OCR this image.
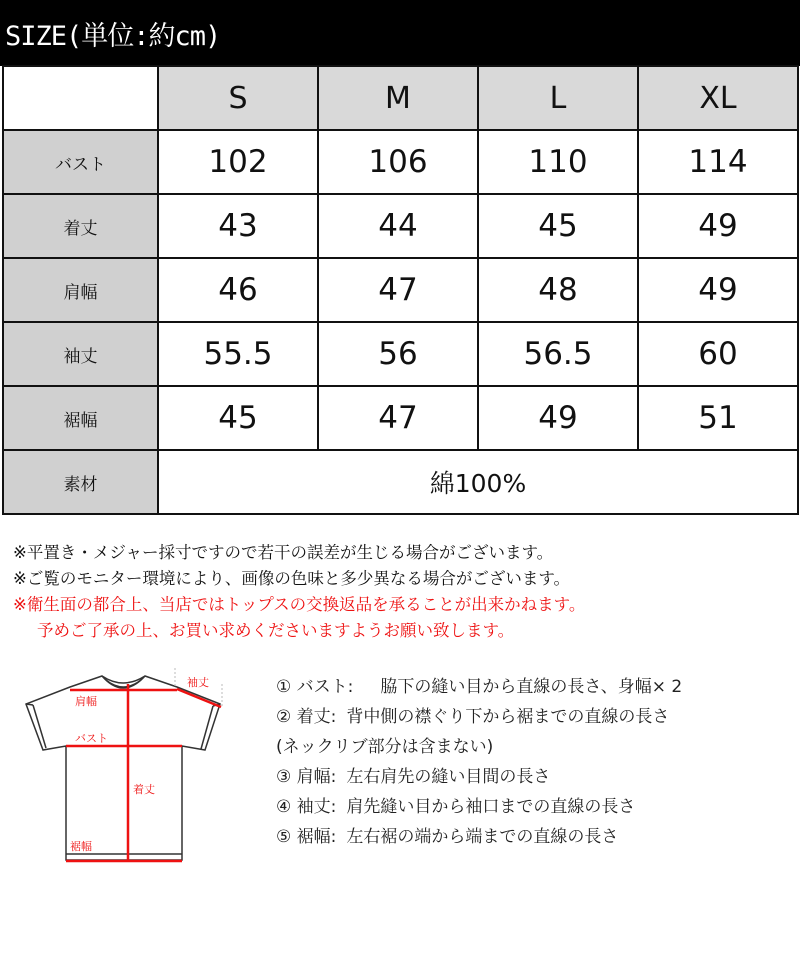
SIZE(単位:約cm)
	S	M	L	XL
バスト	102	106	110	114
着丈	43	44	45	49
肩幅	46	47	48	49
袖丈	55.5	56	56.5	60
裾幅	45	47	49	51
素材	綿100%			
※平置き・メジャー採寸ですので若干の誤差が生じる場合がございます。
※ご覧のモニター環境により、画像の色味と多少異なる場合がございます。
※衛生面の都合上、当店ではトップスの交換返品を承ることが出来かねます。
予めご了承の上、お買い求めくださいますようお願い致します。
肩幅
バスト
着丈
袖丈
裾幅
① バスト:　脇下の縫い目から直線の長さ、身幅× 2
② 着丈: 背中側の襟ぐり下から裾までの直線の長さ
(ネックリブ部分は含まない)
③ 肩幅: 左右肩先の縫い目間の長さ
④ 袖丈: 肩先縫い目から袖口までの直線の長さ
⑤ 裾幅: 左右裾の端から端までの直線の長さ
